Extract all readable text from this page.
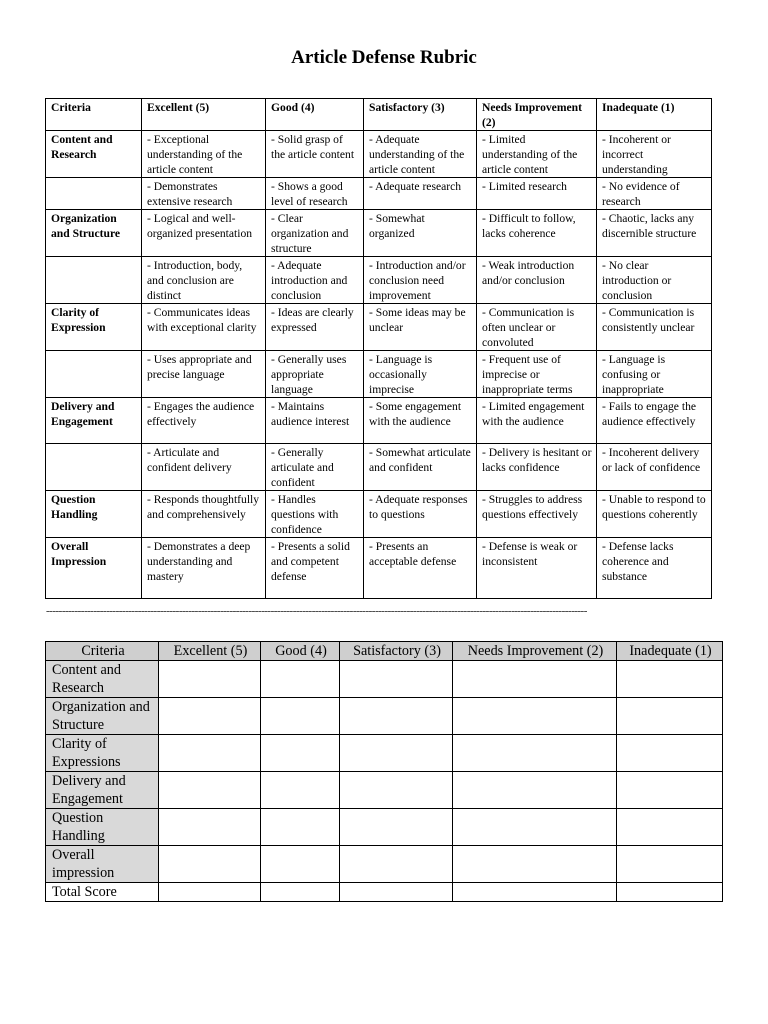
Article Defense Rubric
Criteria	Excellent (5)	Good (4)	Satisfactory (3)	Needs Improvement (2)	Inadequate (1)
Content and Research	- Exceptional understanding of the article content	- Solid grasp of the article content	- Adequate understanding of the article content	- Limited understanding of the article content	- Incoherent or incorrect understanding
	- Demonstrates extensive research	- Shows a good level of research	- Adequate research	- Limited research	- No evidence of research
Organization and Structure	- Logical and well-organized presentation	- Clear organization and structure	- Somewhat organized	- Difficult to follow, lacks coherence	- Chaotic, lacks any discernible structure
	- Introduction, body, and conclusion are distinct	- Adequate introduction and conclusion	- Introduction and/or conclusion need improvement	- Weak introduction and/or conclusion	- No clear introduction or conclusion
Clarity of Expression	- Communicates ideas with exceptional clarity	- Ideas are clearly expressed	- Some ideas may be unclear	- Communication is often unclear or convoluted	- Communication is consistently unclear
	- Uses appropriate and precise language	- Generally uses appropriate language	- Language is occasionally imprecise	- Frequent use of imprecise or inappropriate terms	- Language is confusing or inappropriate
Delivery and Engagement	- Engages the audience effectively	- Maintains audience interest	- Some engagement with the audience	- Limited engagement with the audience	- Fails to engage the audience effectively
	- Articulate and confident delivery	- Generally articulate and confident	- Somewhat articulate and confident	- Delivery is hesitant or lacks confidence	- Incoherent delivery or lack of confidence
Question Handling	- Responds thoughtfully and comprehensively	- Handles questions with confidence	- Adequate responses to questions	- Struggles to address questions effectively	- Unable to respond to questions coherently
Overall Impression	- Demonstrates a deep understanding and mastery	- Presents a solid and competent defense	- Presents an acceptable defense	- Defense is weak or inconsistent	- Defense lacks coherence and substance
---------------------------------------------------------------------------------------------------------------------------------------------------------------------------
Criteria	Excellent (5)	Good (4)	Satisfactory (3)	Needs Improvement (2)	Inadequate (1)
Content and Research					
Organization and Structure					
Clarity of Expressions					
Delivery and Engagement					
Question Handling					
Overall impression					
Total Score					
